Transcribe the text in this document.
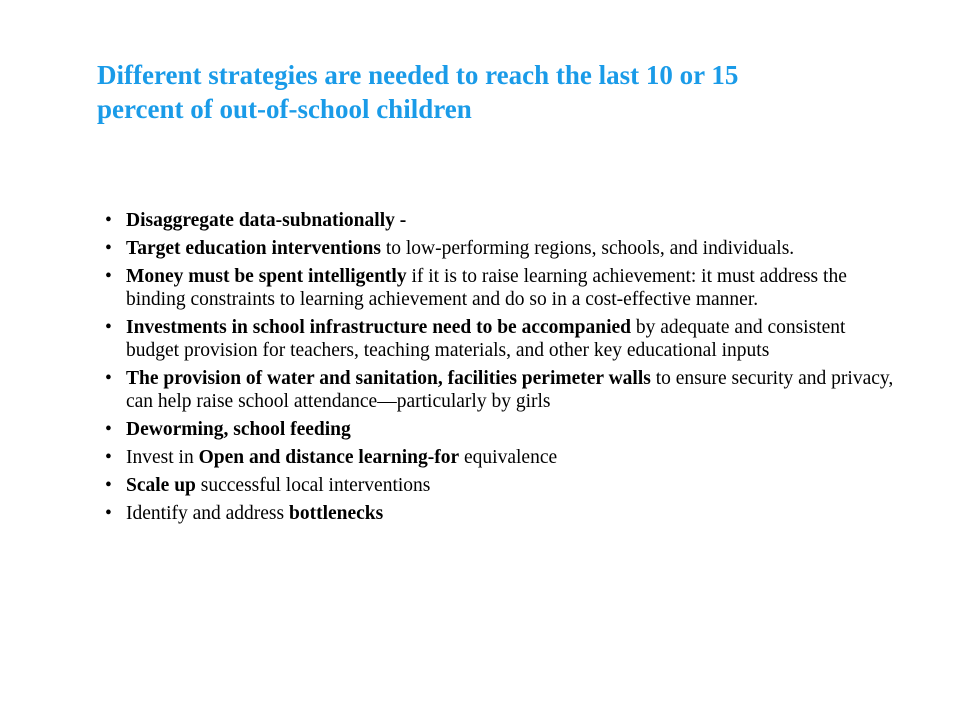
Different strategies are needed to reach the last 10 or 15
percent of out-of-school children
• Disaggregate data-subnationally -
• Target education interventions to low-performing regions, schools, and individuals.
• Money must be spent intelligently if it is to raise learning achievement: it must address the binding constraints to learning achievement and do so in a cost-effective manner.
• Investments in school infrastructure need to be accompanied by adequate and consistent budget provision for teachers, teaching materials, and other key educational inputs
• The provision of water and sanitation, facilities perimeter walls to ensure security and privacy, can help raise school attendance—particularly by girls
• Deworming, school feeding
• Invest in Open and distance learning-for equivalence
• Scale up successful local interventions
• Identify and address bottlenecks
